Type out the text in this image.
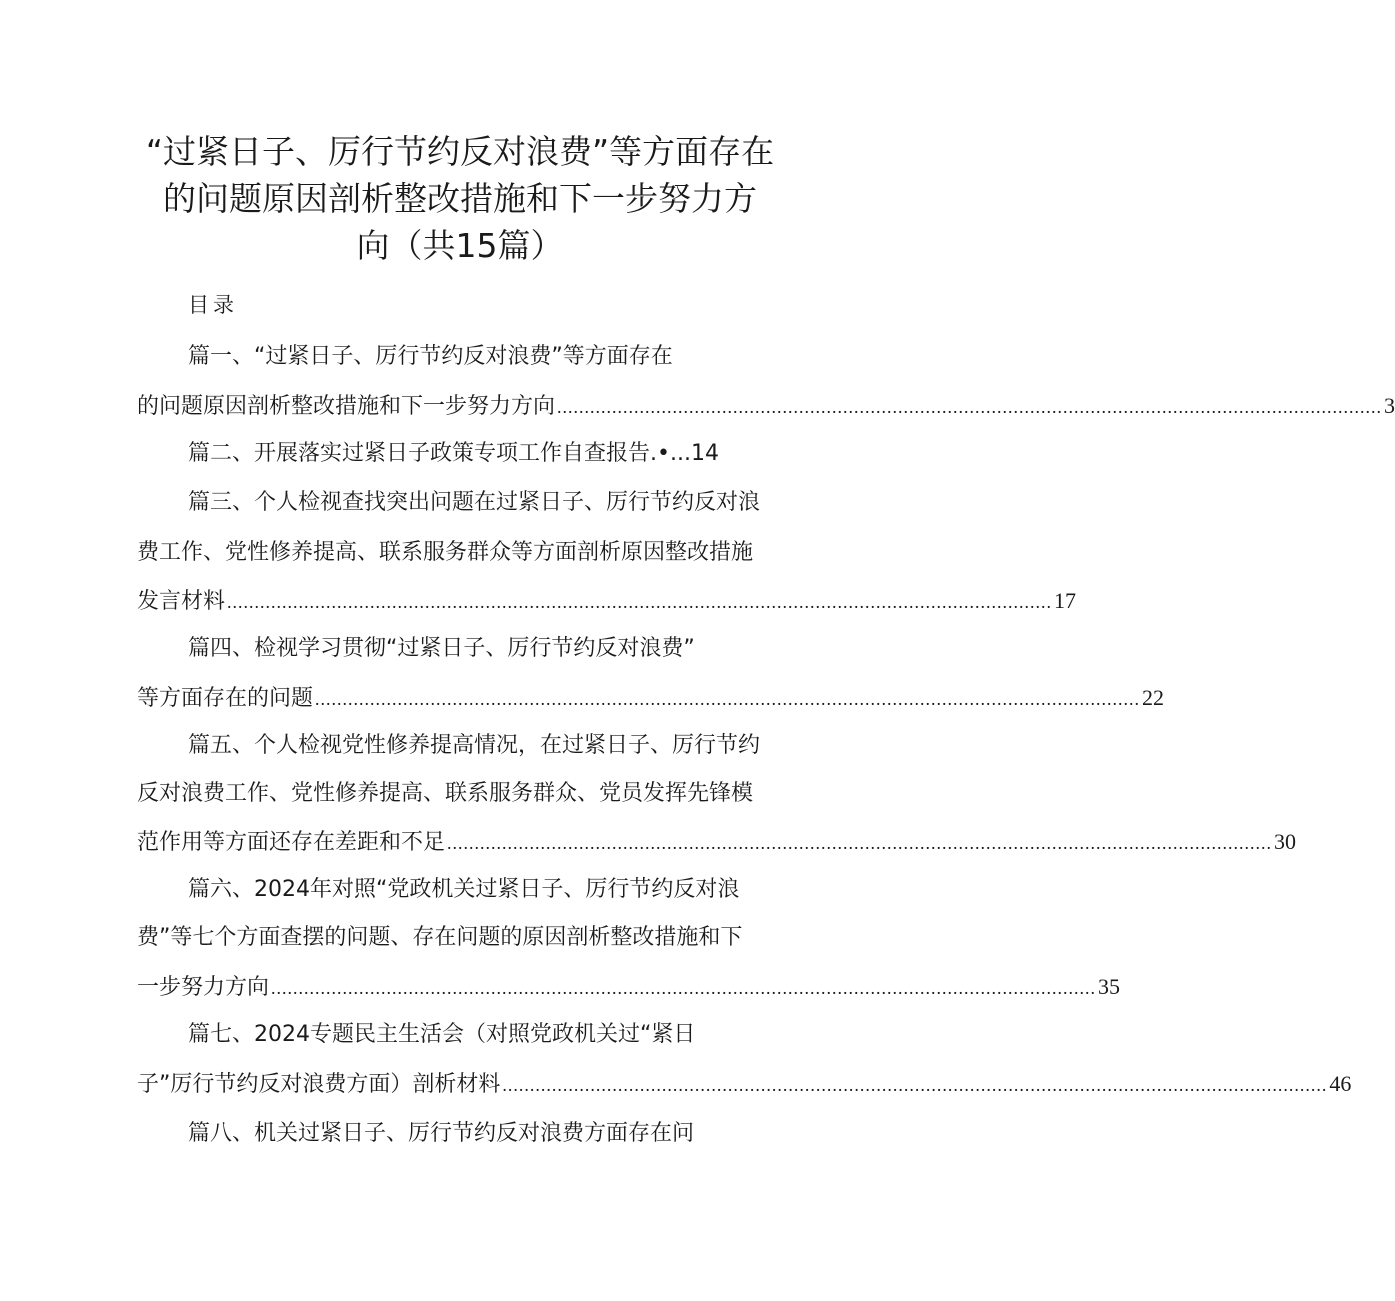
“过紧日子、厉行节约反对浪费”等方面存在
的问题原因剖析整改措施和下一步努力方
向（共15篇）
目录
篇一、“过紧日子、厉行节约反对浪费”等方面存在
的问题原因剖析整改措施和下一步努力方向 ...................................................................................................................................................... 3
篇二、开展落实过紧日子政策专项工作自查报告.•...14
篇三、个人检视查找突出问题在过紧日子、厉行节约反对浪
费工作、党性修养提高、联系服务群众等方面剖析原因整改措施
发言材料 ...................................................................................................................................................... 17
篇四、检视学习贯彻“过紧日子、厉行节约反对浪费”
等方面存在的问题 ...................................................................................................................................................... 22
篇五、个人检视党性修养提高情况，在过紧日子、厉行节约
反对浪费工作、党性修养提高、联系服务群众、党员发挥先锋模
范作用等方面还存在差距和不足 ...................................................................................................................................................... 30
篇六、2024年对照“党政机关过紧日子、厉行节约反对浪
费”等七个方面查摆的问题、存在问题的原因剖析整改措施和下
一步努力方向 ...................................................................................................................................................... 35
篇七、2024专题民主生活会（对照党政机关过“紧日
子”厉行节约反对浪费方面）剖析材料 ...................................................................................................................................................... 46
篇八、机关过紧日子、厉行节约反对浪费方面存在问
